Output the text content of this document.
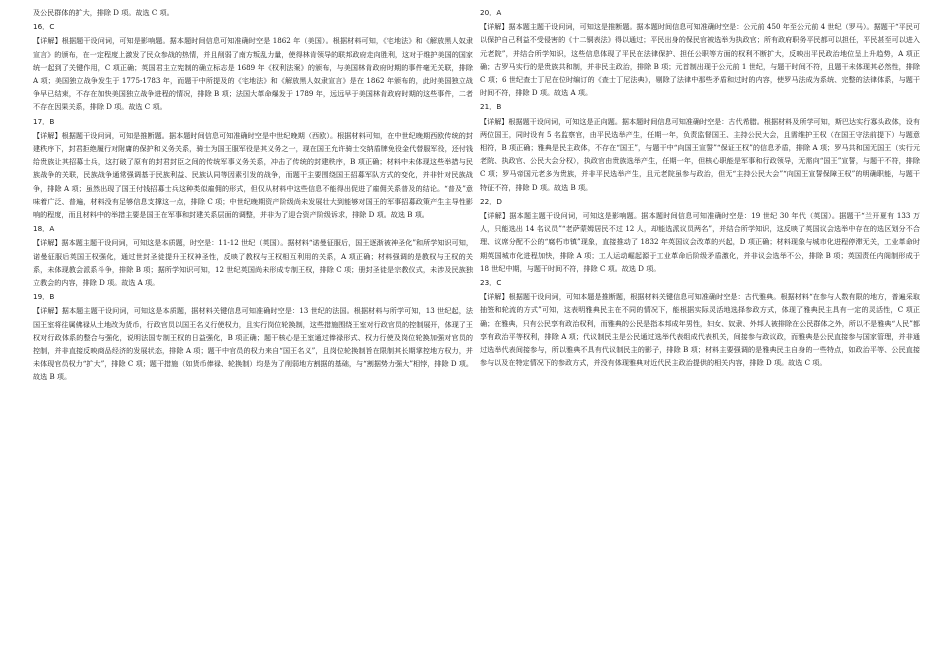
及公民群体的扩大，排除 D 项。故选 C 项。
16．C
【详解】根据题干设问词，可知是影响题。据本题时间信息可知准确时空是 1862 年（美国）。根据材料可知，《宅地法》和《解放黑人奴隶宣言》的颁布，在一定程度上激发了民众参战的热情，并且削弱了南方叛乱力量，使得林肯领导的联邦政府走向胜利，这对于维护美国的国家统一起到了关键作用，C 项正确；英国君主立宪制的确立标志是 1689 年《权利法案》的颁布，与美国林肯政府时期的事件毫无关联，排除 A 项；美国独立战争发生于 1775-1783 年，而题干中所提及的《宅地法》和《解放黑人奴隶宣言》是在 1862 年颁布的，此时美国独立战争早已结束，不存在加快美国独立战争进程的情况，排除 B 项；法国大革命爆发于 1789 年，远远早于美国林肯政府时期的这些事件，二者不存在因果关系，排除 D 项。故选 C 项。
17．B
【详解】根据题干设问词，可知是推断题。据本题时间信息可知准确时空是中世纪晚期（西欧）。根据材料可知，在中世纪晚期西欧传统的封建秩序下，封君拒绝履行对附庸的保护和义务关系，骑士为国王服军役是其义务之一，现在国王允许骑士交纳盾牌免役金代替服军役，还付钱给贵族让其招募士兵，这打破了原有的封君封臣之间的传统军事义务关系，冲击了传统的封建秩序，B 项正确；材料中未体现这些举措与民族战争的关联，民族战争通常强调基于民族利益、民族认同等因素引发的战争，而题干主要围绕国王招募军队方式的变化，并非针对民族战争，排除 A 项；虽然出现了国王付钱招募士兵这种类似雇佣的形式，但仅从材料中这些信息不能得出促进了雇佣关系普及的结论。“普及”意味着广泛、普遍，材料没有足够信息支撑这一点，排除 C 项；中世纪晚期资产阶级尚未发展壮大到能够对国王的军事招募政策产生主导性影响的程度，而且材料中的举措主要是国王在军事和封建关系层面的调整，并非为了迎合资产阶级诉求，排除 D 项。故选 B 项。
18．A
【详解】据本题主题干设问词，可知这是本质题，时空是：11-12 世纪（英国）。据材料“诺曼征服后，国王逐渐被神圣化”和所学知识可知，诺曼征服后英国王权强化，通过世封圣徒提升王权神圣性，反映了教权与王权相互利用的关系，A 项正确；材料强调的是教权与王权的关系，未体现教会派系斗争，排除 B 项；据所学知识可知，12 世纪英国尚未形成专制王权，排除 C 项；册封圣徒是宗教仪式，未涉及民族独立教会的内容，排除 D 项。故选 A 项。
19．B
【详解】据本题主题干设问词，可知这是本质题，据材料关键信息可知准确时空是：13 世纪的法国。根据材料与所学可知，13 世纪起，法国王室将往属佛禄从土地改为货币，行政官员以国王名义行使权力，且实行岗位轮换制，这些措施围绕王室对行政官员的控制展开，体现了王权对行政体系的整合与强化，说明法国专制王权的日益强化，B 项正确；题干核心是王室通过俸禄形式、权力行使及岗位轮换加强对官员的控制，并非直接反映商品经济的发展状态，排除 A 项；题干中官员的权力来自“国王名义”，且岗位轮换制旨在限制其长期掌控地方权力，并未体现官员权力“扩大”，排除 C 项；题干措施（如货币俸禄、轮换制）均是为了削弱地方割据的基础，与“割据势力强大”相悖，排除 D 项。故选 B 项。
20．A
【详解】据本题主题干设问词，可知这是推断题。据本题时间信息可知准确时空是：公元前 450 年至公元前 4 世纪（罗马）。据题干“平民可以保护自己利益不受侵害的《十二铜表法》得以通过；平民出身的保民官被选举为执政官；所有政府职务平民都可以担任，平民甚至可以进入元老院”，并结合所学知识，这些信息体现了平民在法律保护、担任公职等方面的权利不断扩大，反映出平民政治地位呈上升趋势，A 项正确；古罗马实行的是贵族共和制，并非民主政治，排除 B 项；元首制出现于公元前 1 世纪，与题干时间不符，且题干未体现其必然性，排除 C 项；6 世纪查士丁尼在位时编订的《查士丁尼法典》，剔除了法律中那些矛盾和过时的内容，使罗马法成为系统、完整的法律体系，与题干时间不符，排除 D 项。故选 A 项。
21．B
【详解】根据题干设问词，可知这是正向题。据本题时间信息可知准确时空是：古代希腊。根据材料及所学可知，斯巴达实行寡头政体，设有两位国王，同时设有 5 名监察官，由平民选举产生，任期一年，负责监督国王、主持公民大会，且需维护王权（在国王守法前提下）与题意相符，B 项正确；雅典是民主政体，不存在“国王”，与题干中“向国王宣誓”“保证王权”的信息矛盾，排除 A 项；罗马共和国无国王（实行元老院、执政官、公民大会分权），执政官由贵族选举产生，任期一年，但核心职能是军事和行政领导，无需向“国王”宣誓，与题干不符，排除 C 项；罗马帝国元老多为贵族，并非平民选举产生，且元老院虽参与政治，但无“主持公民大会”“向国王宣誓保障王权”的明确职能，与题干特征不符，排除 D 项。故选 B 项。
22．D
【详解】据本题主题干设问词，可知这是影响题。据本题时间信息可知准确时空是：19 世纪 30 年代（英国）。据题干“兰开夏有 133 万人，只能选出 14 名议员”“老萨蒙姆居民不过 12 人，却能选派议员两名”，并结合所学知识，这反映了英国议会选举中存在的选区划分不合理、议席分配不公的“腐朽市镇”现象，直接推动了 1832 年英国议会改革的兴起，D 项正确；材料现象与城市化进程停滞无关，工业革命时期英国城市化进程加快，排除 A 项；工人运动崛起源于工业革命后阶级矛盾激化，并非议会选举不公，排除 B 项；英国责任内阁制形成于 18 世纪中期，与题干时间不符，排除 C 项。故选 D 项。
23．C
【详解】根据题干设问词，可知本题是推断题，根据材料关键信息可知准确时空是：古代雅典。根据材料“在参与人数有限的地方，普遍采取抽签和轮流的方式”可知，这表明雅典民主在不同的情况下，能根据实际灵活地选择参政方式，体现了雅典民主具有一定的灵活性，C 项正确；在雅典，只有公民享有政治权利，而雅典的公民是指本邦成年男性，妇女、奴隶、外邦人被排除在公民群体之外，所以不是雅典“人民”都享有政治平等权利，排除 A 项；代议制民主是公民通过选举代表组成代表机关，间接参与政议政，而雅典是公民直接参与国家管理，并非通过选举代表间接参与，所以雅典不具有代议制民主的影子，排除 B 项；材料主要强调的是雅典民主自身的一些特点，如政治平等、公民直接参与以及在特定情况下的参政方式，并没有体现雅典对近代民主政治提供的相关内容，排除 D 项。故选 C 项。
